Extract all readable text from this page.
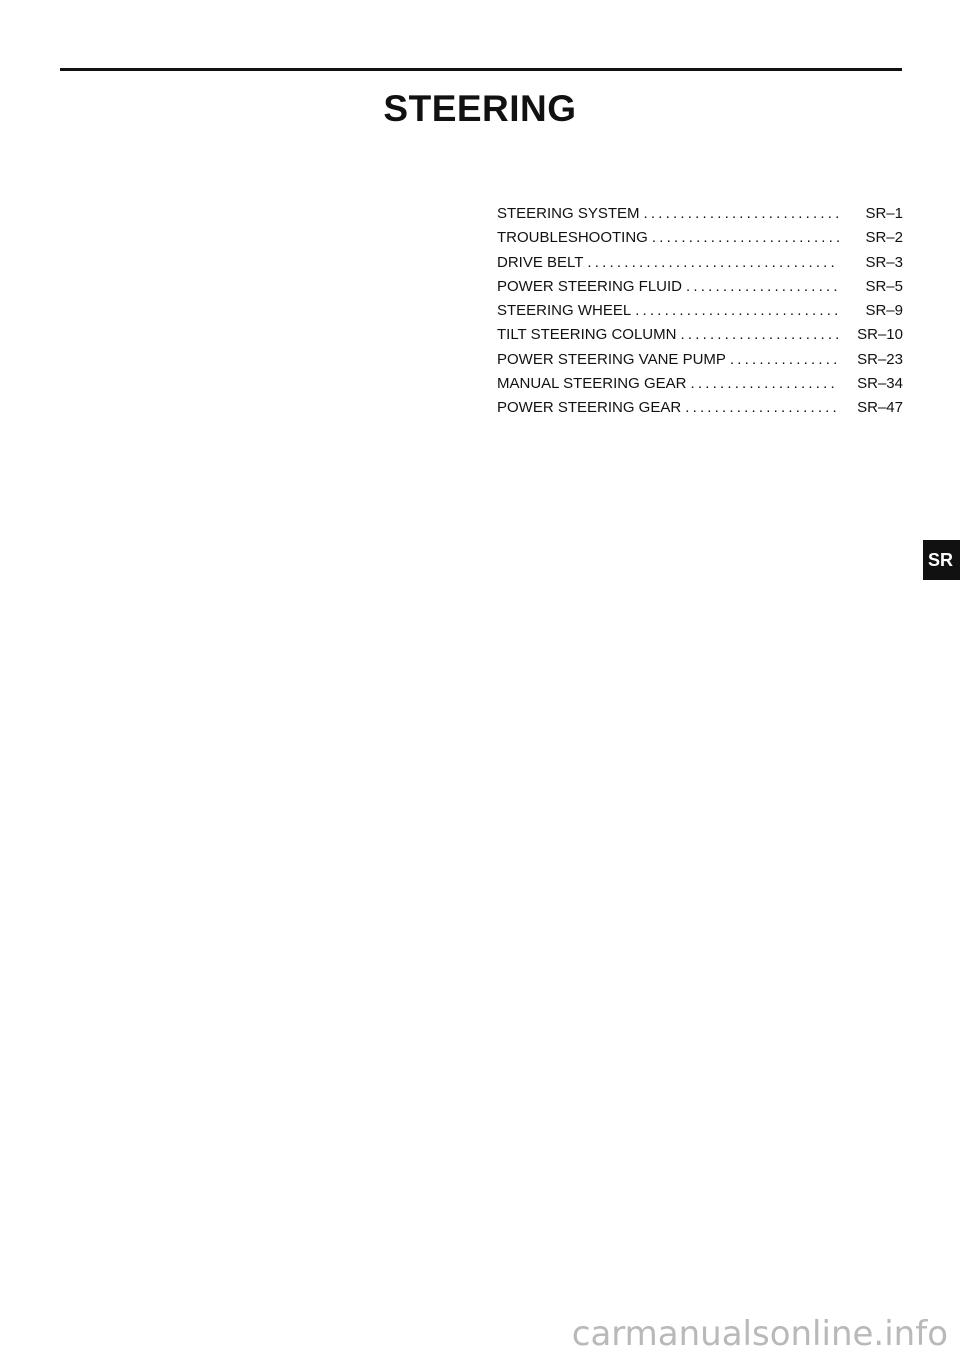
STEERING
STEERING SYSTEM .....	SR–1
TROUBLESHOOTING .....	SR–2
DRIVE BELT .....	SR–3
POWER STEERING FLUID .....	SR–5
STEERING WHEEL .....	SR–9
TILT STEERING COLUMN .....	SR–10
POWER STEERING VANE PUMP .....	SR–23
MANUAL STEERING GEAR .....	SR–34
POWER STEERING GEAR .....	SR–47
SR
carmanualsonline.info
